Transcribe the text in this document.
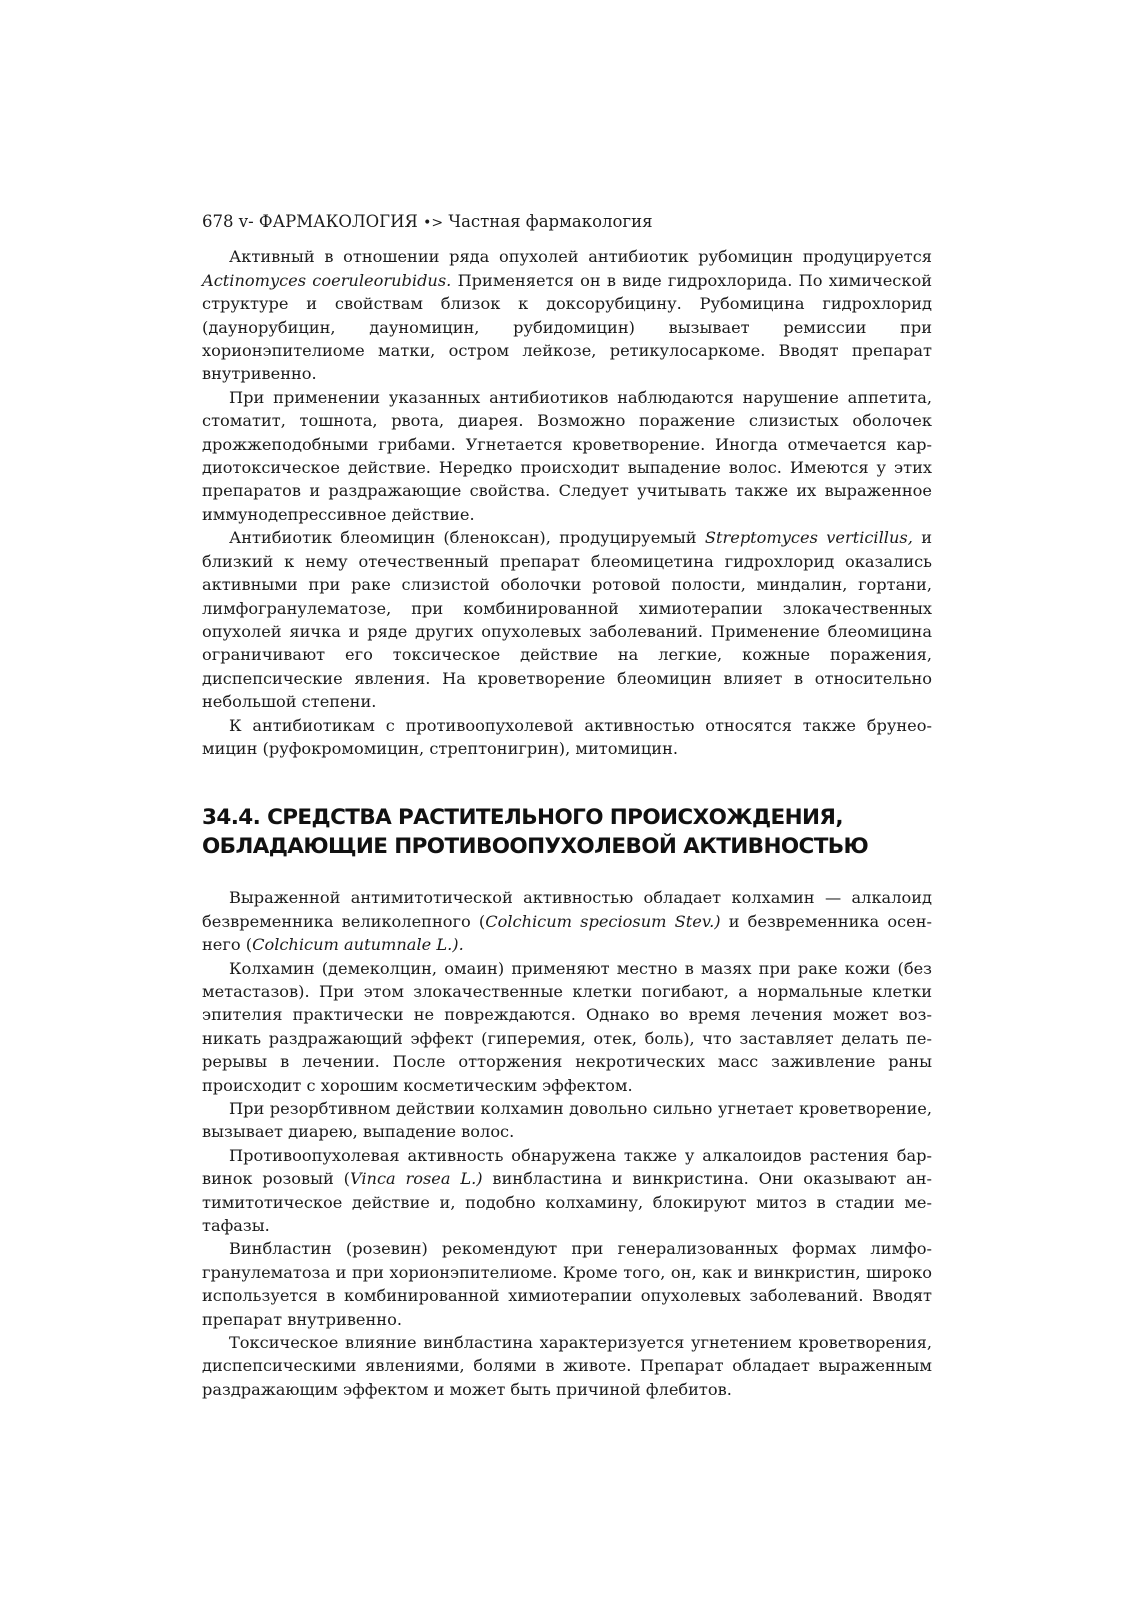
678 v- ФАРМАКОЛОГИЯ •> Частная фармакология

Активный в отношении ряда опухолей антибиотик рубомицин продуцируется Actinomyces coeruleorubidus. Применяется он в виде гидрохлорида. По химической структуре и свойствам близок к доксорубицину. Рубомицина гидрохлорид (даунорубицин, дауномицин, рубидомицин) вызывает ремиссии при хорионэпителиоме матки, остром лейкозе, ретикулосаркоме. Вводят препарат внутривенно.

При применении указанных антибиотиков наблюдаются нарушение аппетита, стоматит, тошнота, рвота, диарея. Возможно поражение слизистых оболочек дрожжеподобными грибами. Угнетается кроветворение. Иногда отмечается кардиотоксическое действие. Нередко происходит выпадение волос. Имеются у этих препаратов и раздражающие свойства. Следует учитывать также их выраженное иммунодепрессивное действие.

Антибиотик блеомицин (бленоксан), продуцируемый Streptomyces verticillus, и близкий к нему отечественный препарат блеомицетина гидрохлорид оказались активными при раке слизистой оболочки ротовой полости, миндалин, гортани, лимфогранулематозе, при комбинированной химиотерапии злокачественных опухолей яичка и ряде других опухолевых заболеваний. Применение блеомицина ограничивают его токсическое действие на легкие, кожные поражения, диспепсические явления. На кроветворение блеомицин влияет в относительно небольшой степени.

К антибиотикам с противоопухолевой активностью относятся также брунеомицин (руфокромомицин, стрептонигрин), митомицин.

34.4. СРЕДСТВА РАСТИТЕЛЬНОГО ПРОИСХОЖДЕНИЯ,
ОБЛАДАЮЩИЕ ПРОТИВООПУХОЛЕВОЙ АКТИВНОСТЬЮ

Выраженной антимитотической активностью обладает колхамин — алкалоид безвременника великолепного (Colchicum speciosum Stev.) и безвременника осеннего (Colchicum autumnale L.).

Колхамин (демеколцин, омаин) применяют местно в мазях при раке кожи (без метастазов). При этом злокачественные клетки погибают, а нормальные клетки эпителия практически не повреждаются. Однако во время лечения может возникать раздражающий эффект (гиперемия, отек, боль), что заставляет делать перерывы в лечении. После отторжения некротических масс заживление раны происходит с хорошим косметическим эффектом.

При резорбтивном действии колхамин довольно сильно угнетает кроветворение, вызывает диарею, выпадение волос.

Противоопухолевая активность обнаружена также у алкалоидов растения барвинок розовый (Vinca rosea L.) винбластина и винкристина. Они оказывают антимитотическое действие и, подобно колхамину, блокируют митоз в стадии метафазы.

Винбластин (розевин) рекомендуют при генерализованных формах лимфогранулематоза и при хорионэпителиоме. Кроме того, он, как и винкристин, широко используется в комбинированной химиотерапии опухолевых заболеваний. Вводят препарат внутривенно.

Токсическое влияние винбластина характеризуется угнетением кроветворения, диспепсическими явлениями, болями в животе. Препарат обладает выраженным раздражающим эффектом и может быть причиной флебитов.
